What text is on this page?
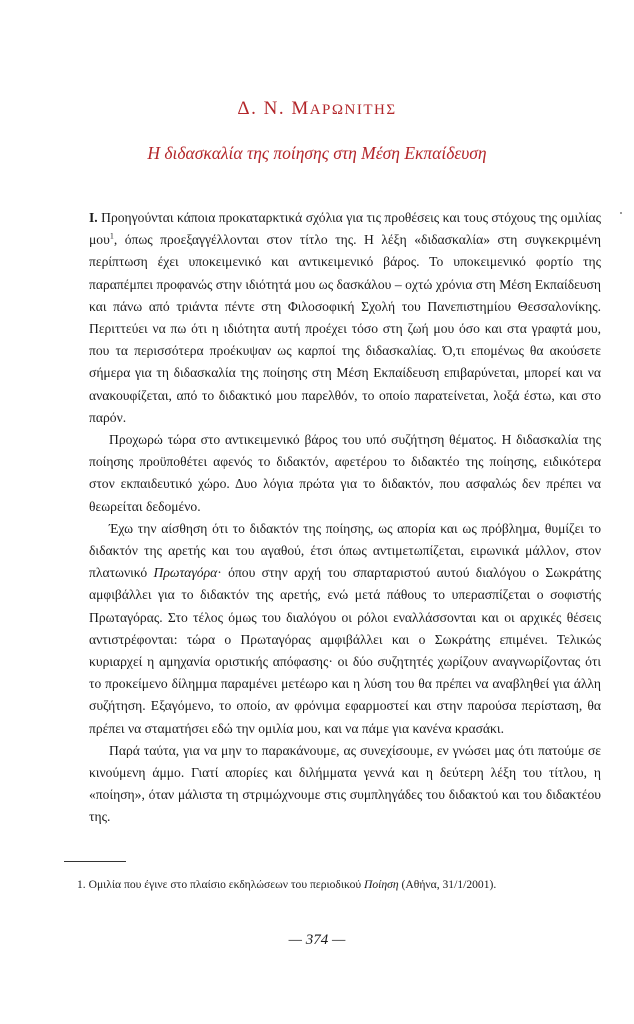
Δ. Ν. ΜΑΡΩΝΙΤΗΣ
Η διδασκαλία της ποίησης στη Μέση Εκπαίδευση

I. Προηγούνται κάποια προκαταρκτικά σχόλια για τις προθέσεις και τους στόχους της ομιλίας μου$^1$, όπως προεξαγγέλλονται στον τίτλο της. Η λέξη «διδασκαλία» στη συγκεκριμένη περίπτωση έχει υποκειμενικό και αντικειμενικό βάρος. Το υποκειμενικό φορτίο της παραπέμπει προφανώς στην ιδιότητά μου ως δασκάλου – οχτώ χρόνια στη Μέση Εκπαίδευση και πάνω από τριάντα πέντε στη Φιλοσοφική Σχολή του Πανεπιστημίου Θεσσαλονίκης. Περιττεύει να πω ότι η ιδιότητα αυτή προέχει τόσο στη ζωή μου όσο και στα γραφτά μου, που τα περισσότερα προέκυψαν ως καρποί της διδασκαλίας. Ό,τι επομένως θα ακούσετε σήμερα για τη διδασκαλία της ποίησης στη Μέση Εκπαίδευση επιβαρύνεται, μπορεί και να ανακουφίζεται, από το διδακτικό μου παρελθόν, το οποίο παρατείνεται, λοξά έστω, και στο παρόν.

Προχωρώ τώρα στο αντικειμενικό βάρος του υπό συζήτηση θέματος. Η διδασκαλία της ποίησης προϋποθέτει αφενός το διδακτόν, αφετέρου το διδακτέο της ποίησης, ειδικότερα στον εκπαιδευτικό χώρο. Δυο λόγια πρώτα για το διδακτόν, που ασφαλώς δεν πρέπει να θεωρείται δεδομένο.

Έχω την αίσθηση ότι το διδακτόν της ποίησης, ως απορία και ως πρόβλημα, θυμίζει το διδακτόν της αρετής και του αγαθού, έτσι όπως αντιμετωπίζεται, ειρωνικά μάλλον, στον πλατωνικό Πρωταγόρα· όπου στην αρχή του σπαρταριστού αυτού διαλόγου ο Σωκράτης αμφιβάλλει για το διδακτόν της αρετής, ενώ μετά πάθους το υπερασπίζεται ο σοφιστής Πρωταγόρας. Στο τέλος όμως του διαλόγου οι ρόλοι εναλλάσσονται και οι αρχικές θέσεις αντιστρέφονται: τώρα ο Πρωταγόρας αμφιβάλλει και ο Σωκράτης επιμένει. Τελικώς κυριαρχεί η αμηχανία οριστικής απόφασης· οι δύο συζητητές χωρίζουν αναγνωρίζοντας ότι το προκείμενο δίλημμα παραμένει μετέωρο και η λύση του θα πρέπει να αναβληθεί για άλλη συζήτηση. Εξαγόμενο, το οποίο, αν φρόνιμα εφαρμοστεί και στην παρούσα περίσταση, θα πρέπει να σταματήσει εδώ την ομιλία μου, και να πάμε για κανένα κρασάκι.

Παρά ταύτα, για να μην το παρακάνουμε, ας συνεχίσουμε, εν γνώσει μας ότι πατούμε σε κινούμενη άμμο. Γιατί απορίες και διλήμματα γεννά και η δεύτερη λέξη του τίτλου, η «ποίηση», όταν μάλιστα τη στριμώχνουμε στις συμπληγάδες του διδακτού και του διδακτέου της.

1. Ομιλία που έγινε στο πλαίσιο εκδηλώσεων του περιοδικού Ποίηση (Αθήνα, 31/1/2001).
— 374 —
